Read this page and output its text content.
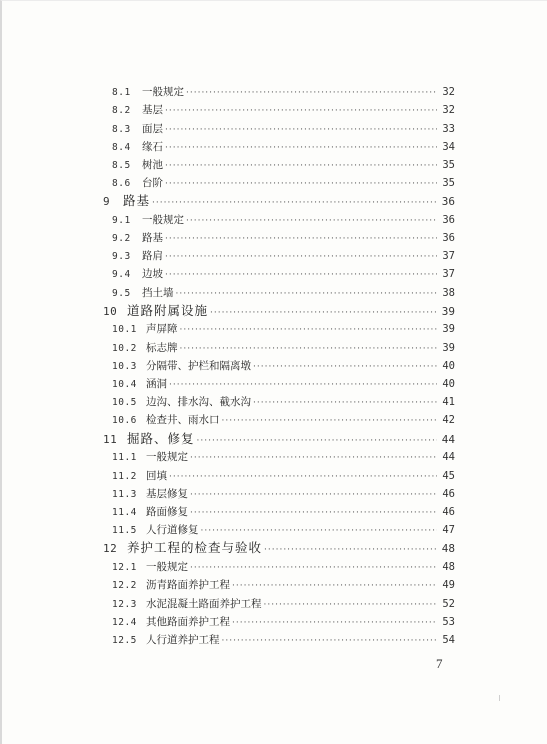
8.1	一般规定 ·····	32
8.2	基层 ·····	32
8.3	面层 ·····	33
8.4	缘石 ·····	34
8.5	树池 ·····	35
8.6	台阶 ·····	35
9	路基 ·····	36
9.1	一般规定 ·····	36
9.2	路基 ·····	36
9.3	路肩 ·····	37
9.4	边坡 ·····	37
9.5	挡土墙 ·····	38
10 道路附属设施 ·····	39
10.1 声屏障 ·····	39
10.2 标志牌 ·····	39
10.3 分隔带、护栏和隔离墩 ·····	40
10.4 涵洞 ·····	40
10.5 边沟、排水沟、截水沟 ·····	41
10.6 检查井、雨水口 ·····	42
11 掘路、修复 ·····	44
11.1 一般规定 ·····	44
11.2 回填 ·····	45
11.3 基层修复 ·····	46
11.4 路面修复 ·····	46
11.5 人行道修复 ·····	47
12 养护工程的检查与验收 ·····	48
12.1 一般规定 ·····	48
12.2 沥青路面养护工程 ·····	49
12.3 水泥混凝土路面养护工程 ·····	52
12.4 其他路面养护工程 ·····	53
12.5 人行道养护工程 ·····	54
7
